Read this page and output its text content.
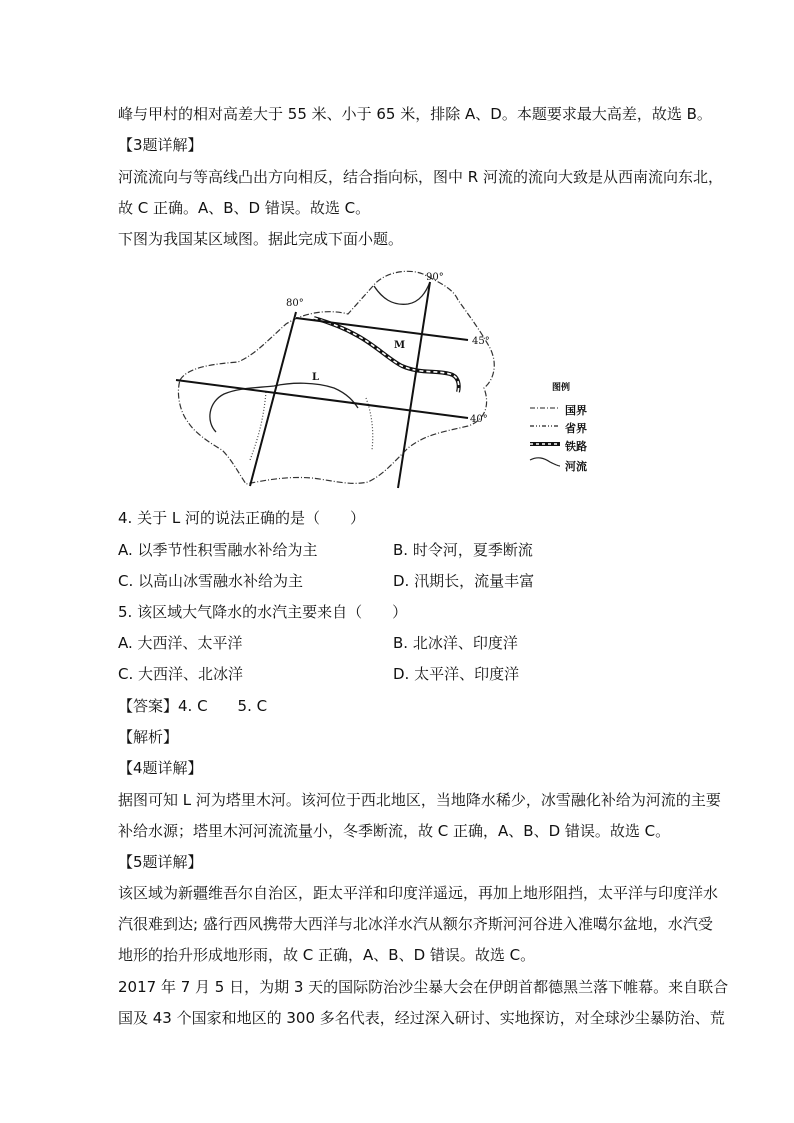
峰与甲村的相对高差大于 55 米、小于 65 米，排除 A、D。本题要求最大高差，故选 B。
【3题详解】
河流流向与等高线凸出方向相反，结合指向标，图中 R 河流的流向大致是从西南流向东北，
故 C 正确。A、B、D 错误。故选 C。
下图为我国某区域图。据此完成下面小题。
80°
90°
45°
40°
M
L
图例
国界
省界
铁路
河流
4. 关于 L 河的说法正确的是（　　）
A. 以季节性积雪融水补给为主	B. 时令河，夏季断流
C. 以高山冰雪融水补给为主	D. 汛期长，流量丰富
5. 该区域大气降水的水汽主要来自（　　）
A. 大西洋、太平洋	B. 北冰洋、印度洋
C. 大西洋、北冰洋	D. 太平洋、印度洋
【答案】4. C　　5. C
【解析】
【4题详解】
据图可知 L 河为塔里木河。该河位于西北地区，当地降水稀少，冰雪融化补给为河流的主要
补给水源；塔里木河河流流量小，冬季断流，故 C 正确，A、B、D 错误。故选 C。
【5题详解】
该区域为新疆维吾尔自治区，距太平洋和印度洋遥远，再加上地形阻挡，太平洋与印度洋水
汽很难到达; 盛行西风携带大西洋与北冰洋水汽从额尔齐斯河河谷进入准噶尔盆地，水汽受
地形的抬升形成地形雨，故 C 正确，A、B、D 错误。故选 C。
2017 年 7 月 5 日，为期 3 天的国际防治沙尘暴大会在伊朗首都德黑兰落下帷幕。来自联合
国及 43 个国家和地区的 300 多名代表，经过深入研讨、实地探访，对全球沙尘暴防治、荒
